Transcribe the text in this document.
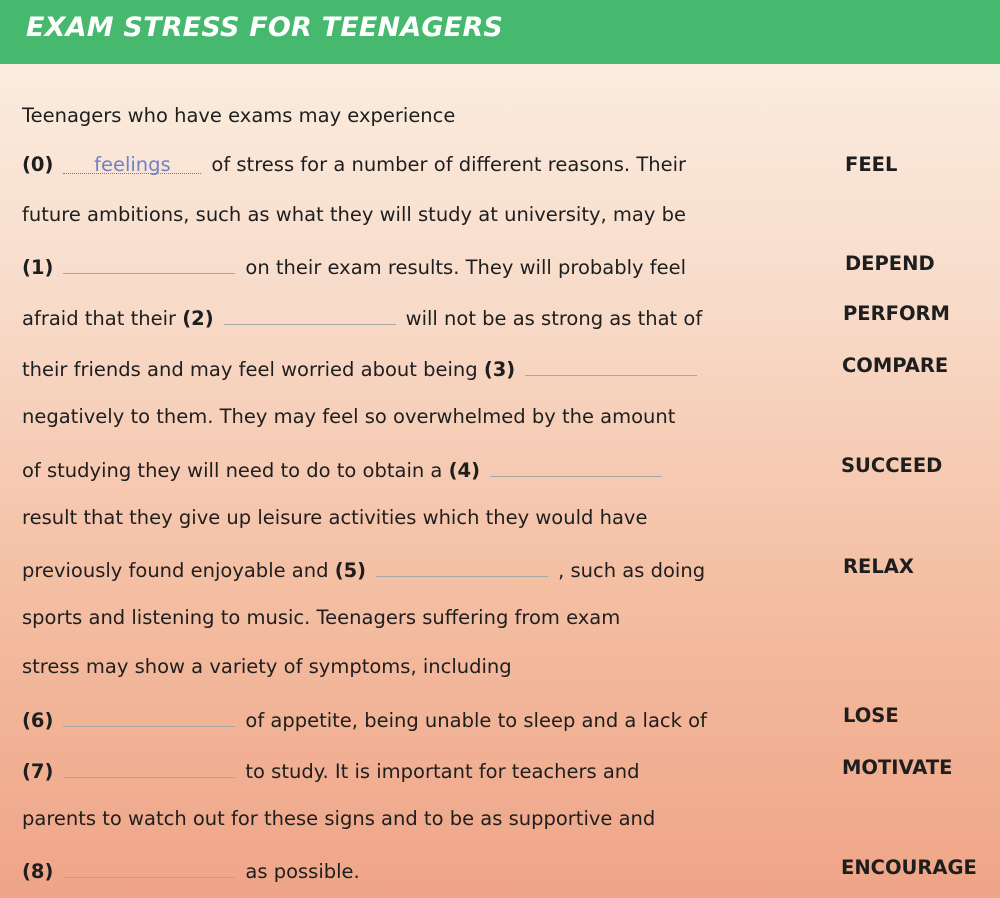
EXAM STRESS FOR TEENAGERS
Teenagers who have exams may experience
(0) feelings of stress for a number of different reasons. Their	FEEL
future ambitions, such as what they will study at university, may be
(1)	on their exam results. They will probably feel	DEPEND
afraid that their (2)	will not be as strong as that of	PERFORM
their friends and may feel worried about being (3)	COMPARE
negatively to them. They may feel so overwhelmed by the amount
of studying they will need to do to obtain a (4)	SUCCEED
result that they give up leisure activities which they would have
previously found enjoyable and (5)	, such as doing	RELAX
sports and listening to music. Teenagers suffering from exam
stress may show a variety of symptoms, including
(6)	of appetite, being unable to sleep and a lack of	LOSE
(7)	to study. It is important for teachers and	MOTIVATE
parents to watch out for these signs and to be as supportive and
(8)	as possible.	ENCOURAGE
